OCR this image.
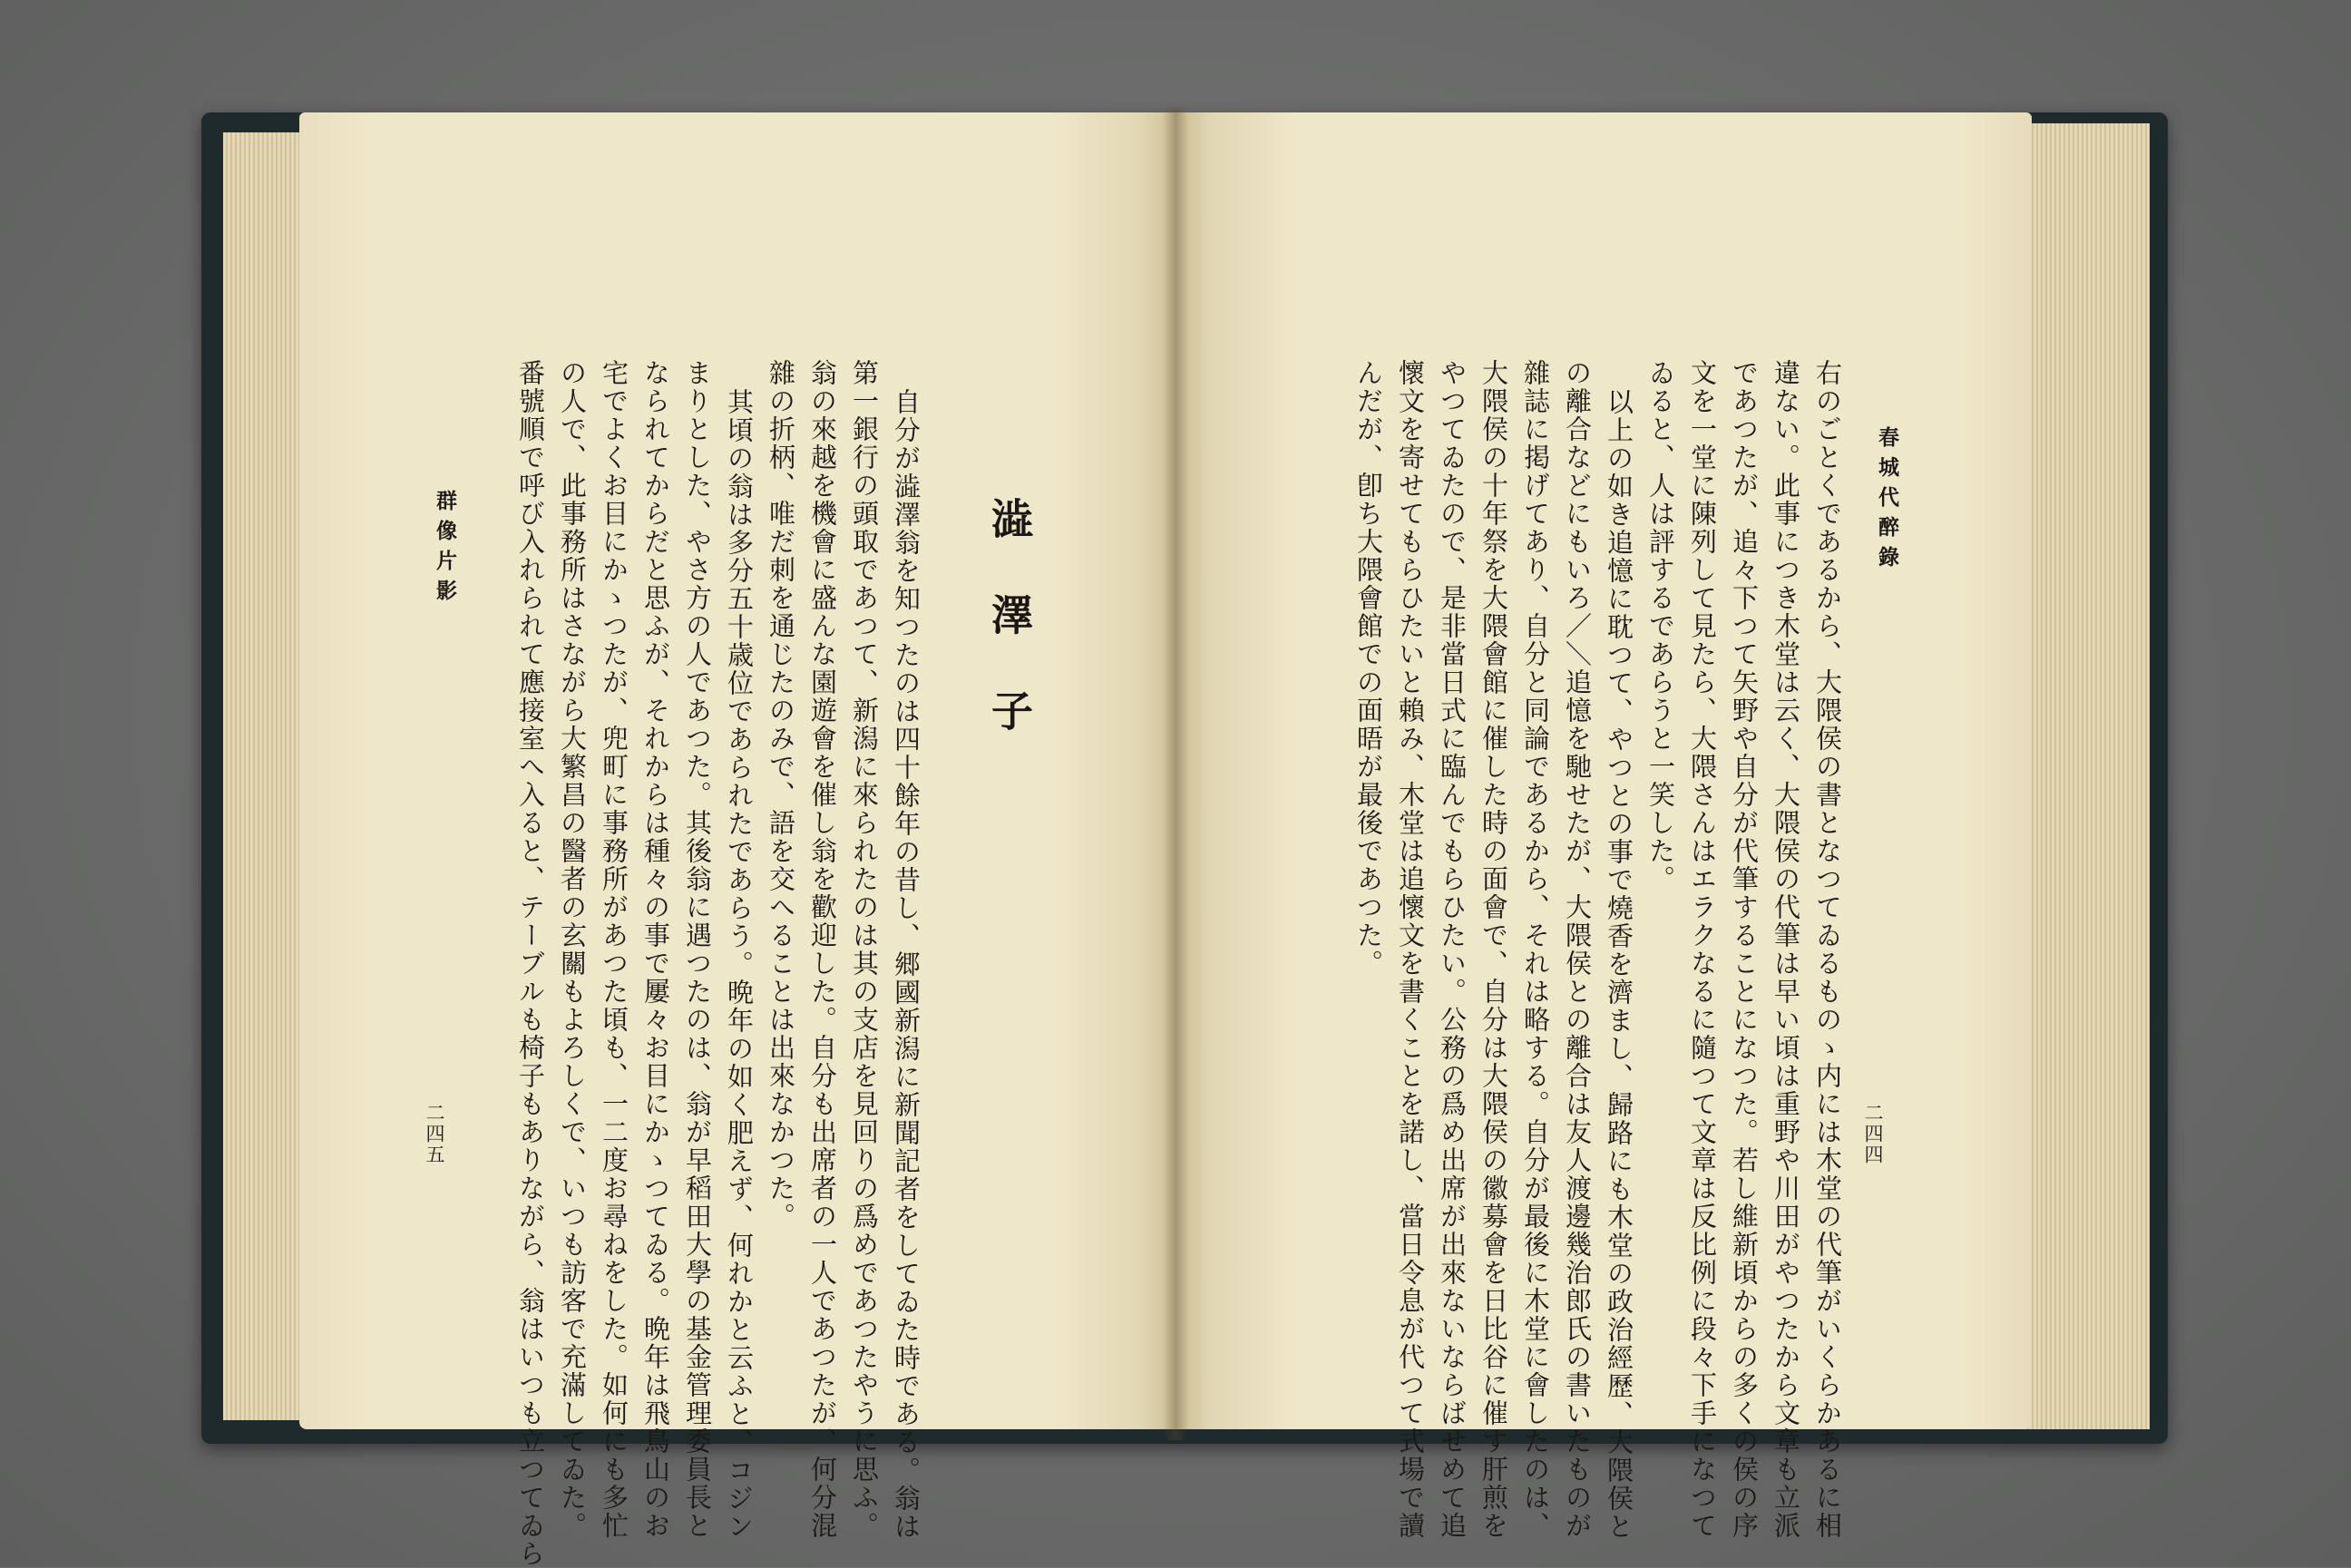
春城代醉錄
二四四
右のごとくであるから、大隈侯の書となつてゐるものゝ内には木堂の代筆がいくらかあるに相
違ない。此事につき木堂は云く、大隈侯の代筆は早い頃は重野や川田がやつたから文章も立派
であつたが、追々下つて矢野や自分が代筆することになつた。若し維新頃からの多くの侯の序
文を一堂に陳列して見たら、大隈さんはエラクなるに隨つて文章は反比例に段々下手になつて
ゐると、人は評するであらうと一笑した。
以上の如き追憶に耽つて、やつとの事で燒香を濟まし、歸路にも木堂の政治經歷、大隈侯と
の離合などにもいろ／＼追憶を馳せたが、大隈侯との離合は友人渡邊幾治郎氏の書いたものが
雜誌に掲げてあり、自分と同論であるから、それは略する。自分が最後に木堂に會したのは、
大隈侯の十年祭を大隈會館に催した時の面會で、自分は大隈侯の徽募會を日比谷に催す肝煎を
やつてゐたので、是非當日式に臨んでもらひたい。公務の爲め出席が出來ないならばせめて追
懷文を寄せてもらひたいと賴み、木堂は追懷文を書くことを諾し、當日令息が代つて式場で讀
んだが、卽ち大隈會館での面晤が最後であつた。
澁澤子
自分が澁澤翁を知つたのは四十餘年の昔し、郷國新潟に新聞記者をしてゐた時である。翁は
第一銀行の頭取であつて、新潟に來られたのは其の支店を見回りの爲めであつたやうに思ふ。
翁の來越を機會に盛んな園遊會を催し翁を歡迎した。自分も出席者の一人であつたが、何分混
雜の折柄、唯だ刺を通じたのみで、語を交へることは出來なかつた。
其頃の翁は多分五十歳位であられたであらう。晩年の如く肥えず、何れかと云ふと、コジン
まりとした、やさ方の人であつた。其後翁に遇つたのは、翁が早稻田大學の基金管理委員長と
なられてからだと思ふが、それからは種々の事で屢々お目にかゝつてゐる。晩年は飛鳥山のお
宅でよくお目にかゝつたが、兜町に事務所があつた頃も、一二度お尋ねをした。如何にも多忙
の人で、此事務所はさながら大繁昌の醫者の玄關もよろしくで、いつも訪客で充滿してゐた。
番號順で呼び入れられて應接室へ入ると、テーブルも椅子もありながら、翁はいつも立つてゐら
群像片影
二四五
